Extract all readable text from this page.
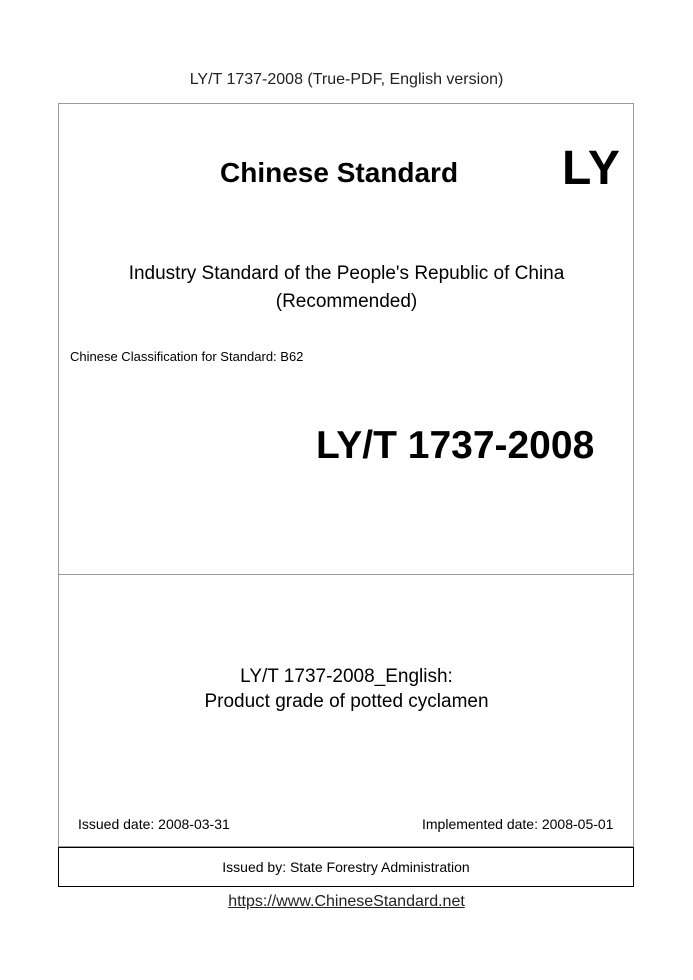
LY/T 1737-2008 (True-PDF, English version)
Chinese Standard LY
Industry Standard of the People's Republic of China
(Recommended)
Chinese Classification for Standard: B62
LY/T 1737-2008
LY/T 1737-2008_English:
Product grade of potted cyclamen
Issued date: 2008-03-31	Implemented date: 2008-05-01
Issued by: State Forestry Administration
https://www.ChineseStandard.net
